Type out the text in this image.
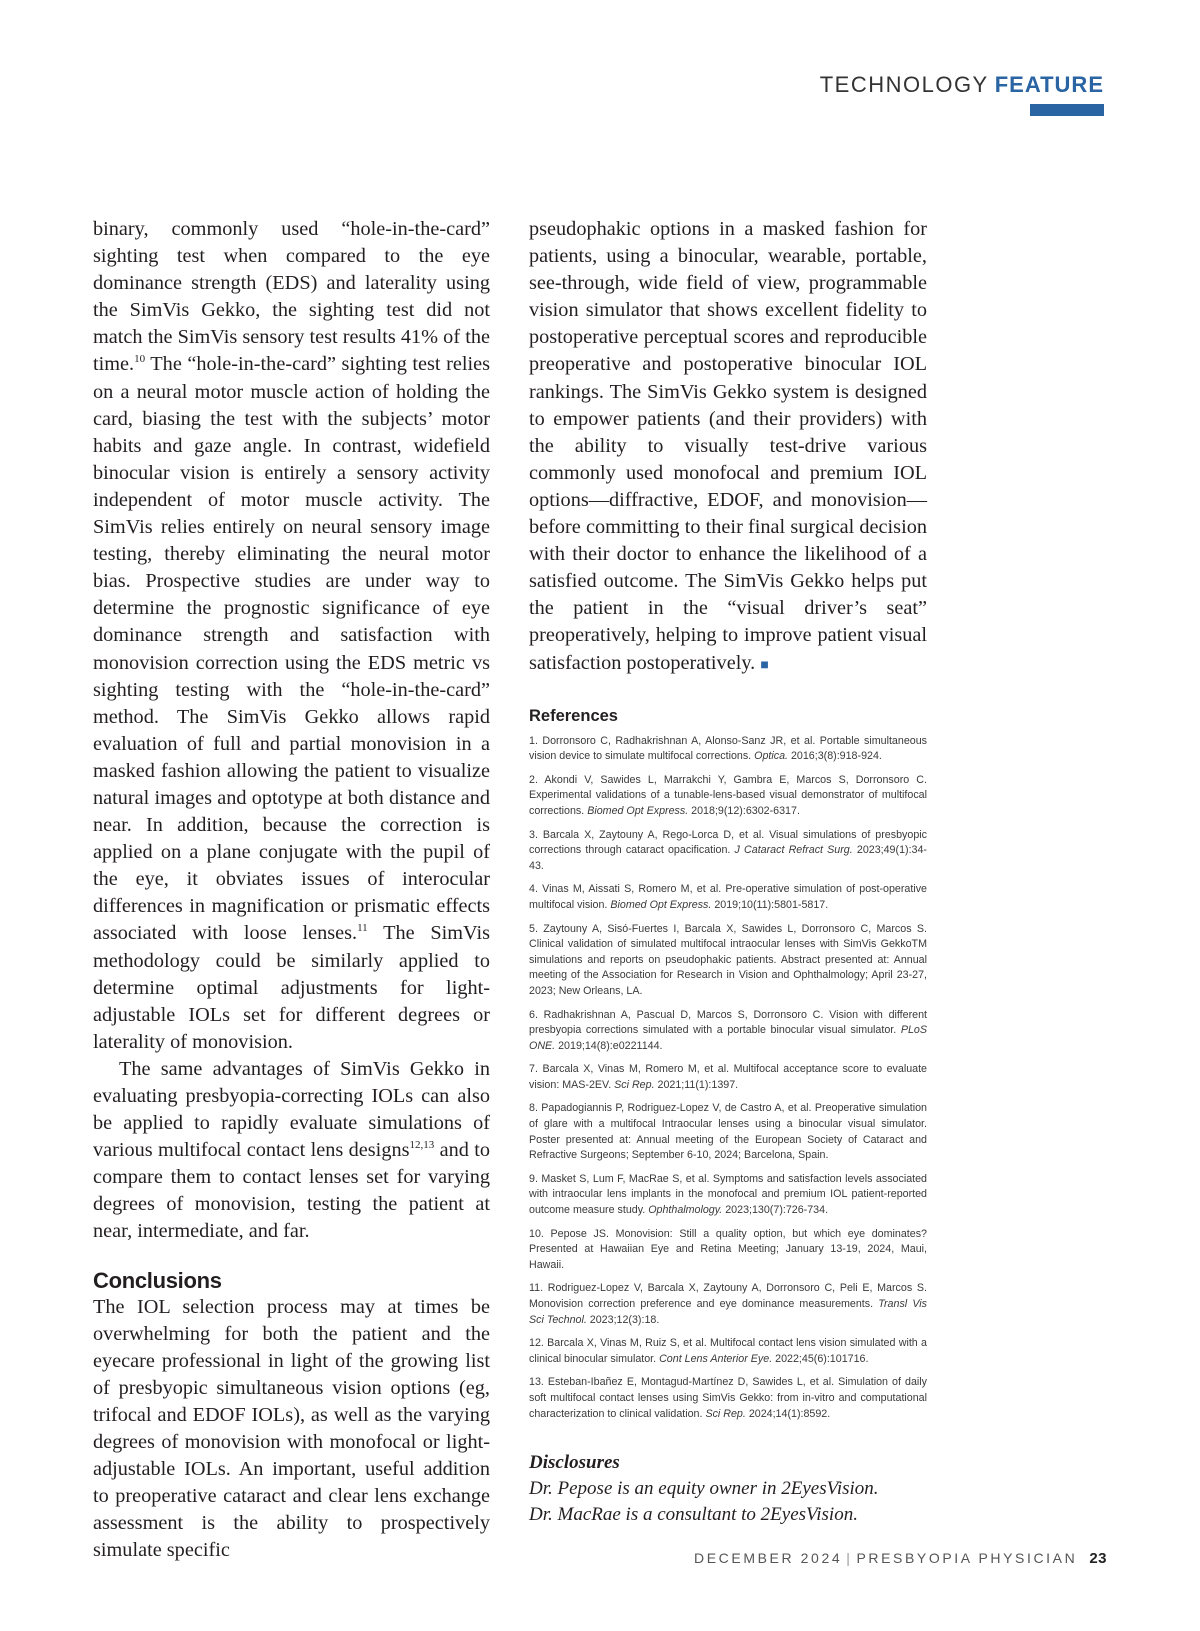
TECHNOLOGY FEATURE

binary, commonly used “hole-in-the-card” sighting test when compared to the eye dominance strength (EDS) and laterality using the SimVis Gekko, the sighting test did not match the SimVis sensory test results 41% of the time.$^{10}$ The “hole-in-the-card” sighting test relies on a neural motor muscle action of holding the card, biasing the test with the subjects’ motor habits and gaze angle. In contrast, widefield binocular vision is entirely a sensory activity independent of motor muscle activity. The SimVis relies entirely on neural sensory image testing, thereby eliminating the neural motor bias. Prospective studies are under way to determine the prognostic significance of eye dominance strength and satisfaction with monovision correction using the EDS metric vs sighting testing with the “hole-in-the-card” method. The SimVis Gekko allows rapid evaluation of full and partial monovision in a masked fashion allowing the patient to visualize natural images and optotype at both distance and near. In addition, because the correction is applied on a plane conjugate with the pupil of the eye, it obviates issues of interocular differences in magnification or prismatic effects associated with loose lenses.$^{11}$ The SimVis methodology could be similarly applied to determine optimal adjustments for light-adjustable IOLs set for different degrees or laterality of monovision.

The same advantages of SimVis Gekko in evaluating presbyopia-correcting IOLs can also be applied to rapidly evaluate simulations of various multifocal contact lens designs$^{12,13}$ and to compare them to contact lenses set for varying degrees of monovision, testing the patient at near, intermediate, and far.

Conclusions

The IOL selection process may at times be overwhelming for both the patient and the eyecare professional in light of the growing list of presbyopic simultaneous vision options (eg, trifocal and EDOF IOLs), as well as the varying degrees of monovision with monofocal or light-adjustable IOLs. An important, useful addition to preoperative cataract and clear lens exchange assessment is the ability to prospectively simulate specific

pseudophakic options in a masked fashion for patients, using a binocular, wearable, portable, see-through, wide field of view, programmable vision simulator that shows excellent fidelity to postoperative perceptual scores and reproducible preoperative and postoperative binocular IOL rankings. The SimVis Gekko system is designed to empower patients (and their providers) with the ability to visually test-drive various commonly used monofocal and premium IOL options—diffractive, EDOF, and monovision—before committing to their final surgical decision with their doctor to enhance the likelihood of a satisfied outcome. The SimVis Gekko helps put the patient in the “visual driver’s seat” preoperatively, helping to improve patient visual satisfaction postoperatively. ■

References
1. Dorronsoro C, Radhakrishnan A, Alonso-Sanz JR, et al. Portable simultaneous vision device to simulate multifocal corrections. Optica. 2016;3(8):918-924.
2. Akondi V, Sawides L, Marrakchi Y, Gambra E, Marcos S, Dorronsoro C. Experimental validations of a tunable-lens-based visual demonstrator of multifocal corrections. Biomed Opt Express. 2018;9(12):6302-6317.
3. Barcala X, Zaytouny A, Rego-Lorca D, et al. Visual simulations of presbyopic corrections through cataract opacification. J Cataract Refract Surg. 2023;49(1):34-43.
4. Vinas M, Aissati S, Romero M, et al. Pre-operative simulation of post-operative multifocal vision. Biomed Opt Express. 2019;10(11):5801-5817.
5. Zaytouny A, Sisó-Fuertes I, Barcala X, Sawides L, Dorronsoro C, Marcos S. Clinical validation of simulated multifocal intraocular lenses with SimVis GekkoTM simulations and reports on pseudophakic patients. Abstract presented at: Annual meeting of the Association for Research in Vision and Ophthalmology; April 23-27, 2023; New Orleans, LA.
6. Radhakrishnan A, Pascual D, Marcos S, Dorronsoro C. Vision with different presbyopia corrections simulated with a portable binocular visual simulator. PLoS ONE. 2019;14(8):e0221144.
7. Barcala X, Vinas M, Romero M, et al. Multifocal acceptance score to evaluate vision: MAS-2EV. Sci Rep. 2021;11(1):1397.
8. Papadogiannis P, Rodriguez-Lopez V, de Castro A, et al. Preoperative simulation of glare with a multifocal Intraocular lenses using a binocular visual simulator. Poster presented at: Annual meeting of the European Society of Cataract and Refractive Surgeons; September 6-10, 2024; Barcelona, Spain.
9. Masket S, Lum F, MacRae S, et al. Symptoms and satisfaction levels associated with intraocular lens implants in the monofocal and premium IOL patient-reported outcome measure study. Ophthalmology. 2023;130(7):726-734.
10. Pepose JS. Monovision: Still a quality option, but which eye dominates? Presented at Hawaiian Eye and Retina Meeting; January 13-19, 2024, Maui, Hawaii.
11. Rodriguez-Lopez V, Barcala X, Zaytouny A, Dorronsoro C, Peli E, Marcos S. Monovision correction preference and eye dominance measurements. Transl Vis Sci Technol. 2023;12(3):18.
12. Barcala X, Vinas M, Ruiz S, et al. Multifocal contact lens vision simulated with a clinical binocular simulator. Cont Lens Anterior Eye. 2022;45(6):101716.
13. Esteban-Ibañez E, Montagud-Martínez D, Sawides L, et al. Simulation of daily soft multifocal contact lenses using SimVis Gekko: from in-vitro and computational characterization to clinical validation. Sci Rep. 2024;14(1):8592.
Disclosures

Dr. Pepose is an equity owner in 2EyesVision.

Dr. MacRae is a consultant to 2EyesVision.

DECEMBER 2024 | PRESBYOPIA PHYSICIAN 23
